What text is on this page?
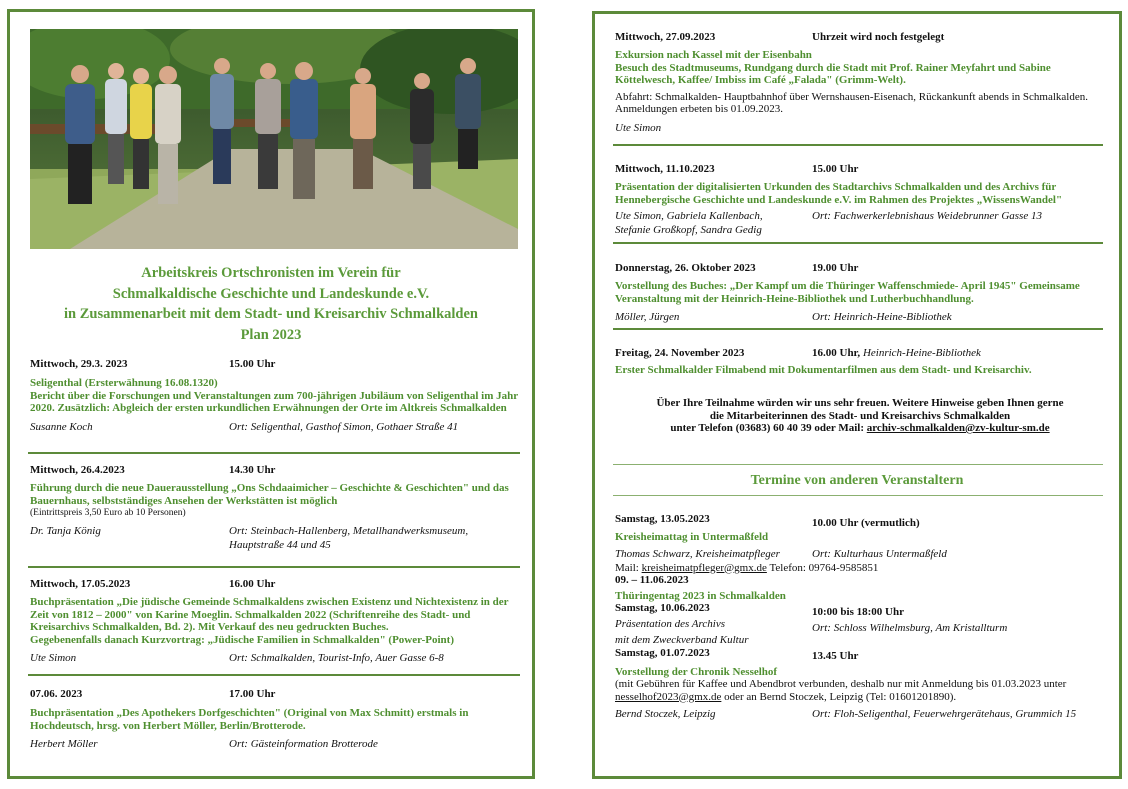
Arbeitskreis Ortschronisten im Verein für
Schmalkaldische Geschichte und Landeskunde e.V.
in Zusammenarbeit mit dem Stadt- und Kreisarchiv Schmalkalden
Plan 2023
Mittwoch, 29.3. 2023	15.00 Uhr
Seligenthal (Ersterwähnung 16.08.1320)
Bericht über die Forschungen und Veranstaltungen zum 700-jährigen Jubiläum von Seligenthal im Jahr 2020. Zusätzlich: Abgleich der ersten urkundlichen Erwähnungen der Orte im Altkreis Schmalkalden
Susanne Koch	Ort: Seligenthal, Gasthof Simon, Gothaer Straße 41
Mittwoch, 26.4.2023	14.30 Uhr
Führung durch die neue Dauerausstellung „Ons Schdaaimicher – Geschichte & Geschichten" und das Bauernhaus, selbstständiges Ansehen der Werkstätten ist möglich
(Eintrittspreis 3,50 Euro ab 10 Personen)
Dr. Tanja König	Ort: Steinbach-Hallenberg, Metallhandwerksmuseum,
Hauptstraße 44 und 45
Mittwoch, 17.05.2023	16.00 Uhr
Buchpräsentation „Die jüdische Gemeinde Schmalkaldens zwischen Existenz und Nichtexistenz in der Zeit von 1812 – 2000" von Karine Moeglin. Schmalkalden 2022 (Schriftenreihe des Stadt- und Kreisarchivs Schmalkalden, Bd. 2). Mit Verkauf des neu gedruckten Buches.
Gegebenenfalls danach Kurzvortrag: „Jüdische Familien in Schmalkalden" (Power-Point)
Ute Simon	Ort: Schmalkalden, Tourist-Info, Auer Gasse 6-8
07.06. 2023	17.00 Uhr
Buchpräsentation „Des Apothekers Dorfgeschichten" (Original von Max Schmitt) erstmals in Hochdeutsch, hrsg. von Herbert Möller, Berlin/Brotterode.
Herbert Möller	Ort: Gästeinformation Brotterode
Mittwoch, 27.09.2023	Uhrzeit wird noch festgelegt
Exkursion nach Kassel mit der Eisenbahn
Besuch des Stadtmuseums, Rundgang durch die Stadt mit Prof. Rainer Meyfahrt und Sabine Köttelwesch, Kaffee/ Imbiss im Café „Falada" (Grimm-Welt).
Abfahrt: Schmalkalden- Hauptbahnhof über Wernshausen-Eisenach, Rückankunft abends in Schmalkalden. Anmeldungen erbeten bis 01.09.2023.
Ute Simon
Mittwoch, 11.10.2023	15.00 Uhr
Präsentation der digitalisierten Urkunden des Stadtarchivs Schmalkalden und des Archivs für Hennebergische Geschichte und Landeskunde e.V. im Rahmen des Projektes „WissensWandel"
Ute Simon, Gabriela Kallenbach,	Ort: Fachwerkerlebnishaus Weidebrunner Gasse 13
Stefanie Großkopf, Sandra Gedig
Donnerstag, 26. Oktober 2023	19.00 Uhr
Vorstellung des Buches: „Der Kampf um die Thüringer Waffenschmiede- April 1945" Gemeinsame Veranstaltung mit der Heinrich-Heine-Bibliothek und Lutherbuchhandlung.
Möller, Jürgen	Ort: Heinrich-Heine-Bibliothek
Freitag, 24. November 2023	16.00 Uhr, Heinrich-Heine-Bibliothek
Erster Schmalkalder Filmabend mit Dokumentarfilmen aus dem Stadt- und Kreisarchiv.
Über Ihre Teilnahme würden wir uns sehr freuen. Weitere Hinweise geben Ihnen gerne
die Mitarbeiterinnen des Stadt- und Kreisarchivs Schmalkalden
unter Telefon (03683) 60 40 39 oder Mail: archiv-schmalkalden@zv-kultur-sm.de
Termine von anderen Veranstaltern
Samstag, 13.05.2023	10.00 Uhr (vermutlich)
Kreisheimattag in Untermaßfeld
Thomas Schwarz, Kreisheimatpfleger	Ort: Kulturhaus Untermaßfeld
Mail: kreisheimatpfleger@gmx.de Telefon: 09764-9585851
09. – 11.06.2023
Thüringentag 2023 in Schmalkalden
Samstag, 10.06.2023	10:00 bis 18:00 Uhr
Präsentation des Archivs	Ort: Schloss Wilhelmsburg, Am Kristallturm
mit dem Zweckverband Kultur
Samstag, 01.07.2023	13.45 Uhr
Vorstellung der Chronik Nesselhof
(mit Gebühren für Kaffee und Abendbrot verbunden, deshalb nur mit Anmeldung bis 01.03.2023 unter
nesselhof2023@gmx.de oder an Bernd Stoczek, Leipzig (Tel: 01601201890).
Bernd Stoczek, Leipzig	Ort: Floh-Seligenthal, Feuerwehrgerätehaus, Grummich 15
